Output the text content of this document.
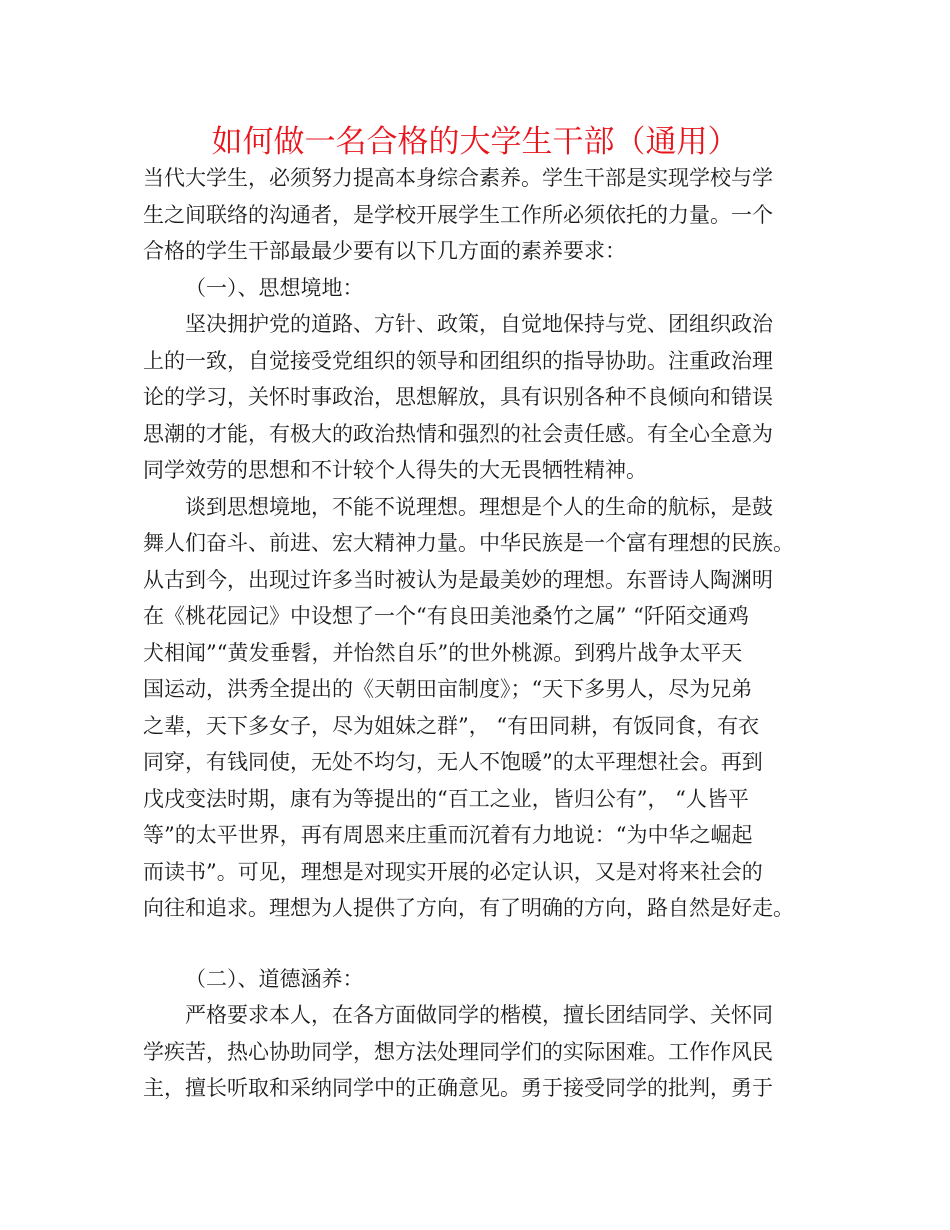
如何做一名合格的大学生干部（通用）
当代大学生，必须努力提高本身综合素养。学生干部是实现学校与学
生之间联络的沟通者，是学校开展学生工作所必须依托的力量。一个
合格的学生干部最最少要有以下几方面的素养要求：
（一）、思想境地：
坚决拥护党的道路、方针、政策，自觉地保持与党、团组织政治
上的一致，自觉接受党组织的领导和团组织的指导协助。注重政治理
论的学习，关怀时事政治，思想解放，具有识别各种不良倾向和错误
思潮的才能，有极大的政治热情和强烈的社会责任感。有全心全意为
同学效劳的思想和不计较个人得失的大无畏牺牲精神。
谈到思想境地，不能不说理想。理想是个人的生命的航标，是鼓
舞人们奋斗、前进、宏大精神力量。中华民族是一个富有理想的民族。
从古到今，出现过许多当时被认为是最美妙的理想。东晋诗人陶渊明
在《桃花园记》中设想了一个“有良田美池桑竹之属” “阡陌交通鸡
犬相闻”“黄发垂髫，并怡然自乐”的世外桃源。到鸦片战争太平天
国运动，洪秀全提出的《天朝田亩制度》；“天下多男人，尽为兄弟
之辈，天下多女子，尽为姐妹之群”， “有田同耕，有饭同食，有衣
同穿，有钱同使，无处不均匀，无人不饱暖”的太平理想社会。再到
戊戌变法时期，康有为等提出的“百工之业，皆归公有”， “人皆平
等”的太平世界，再有周恩来庄重而沉着有力地说：“为中华之崛起
而读书”。可见，理想是对现实开展的必定认识，又是对将来社会的
向往和追求。理想为人提供了方向，有了明确的方向，路自然是好走。
（二）、道德涵养：
严格要求本人，在各方面做同学的楷模，擅长团结同学、关怀同
学疾苦，热心协助同学，想方法处理同学们的实际困难。工作作风民
主，擅长听取和采纳同学中的正确意见。勇于接受同学的批判，勇于
